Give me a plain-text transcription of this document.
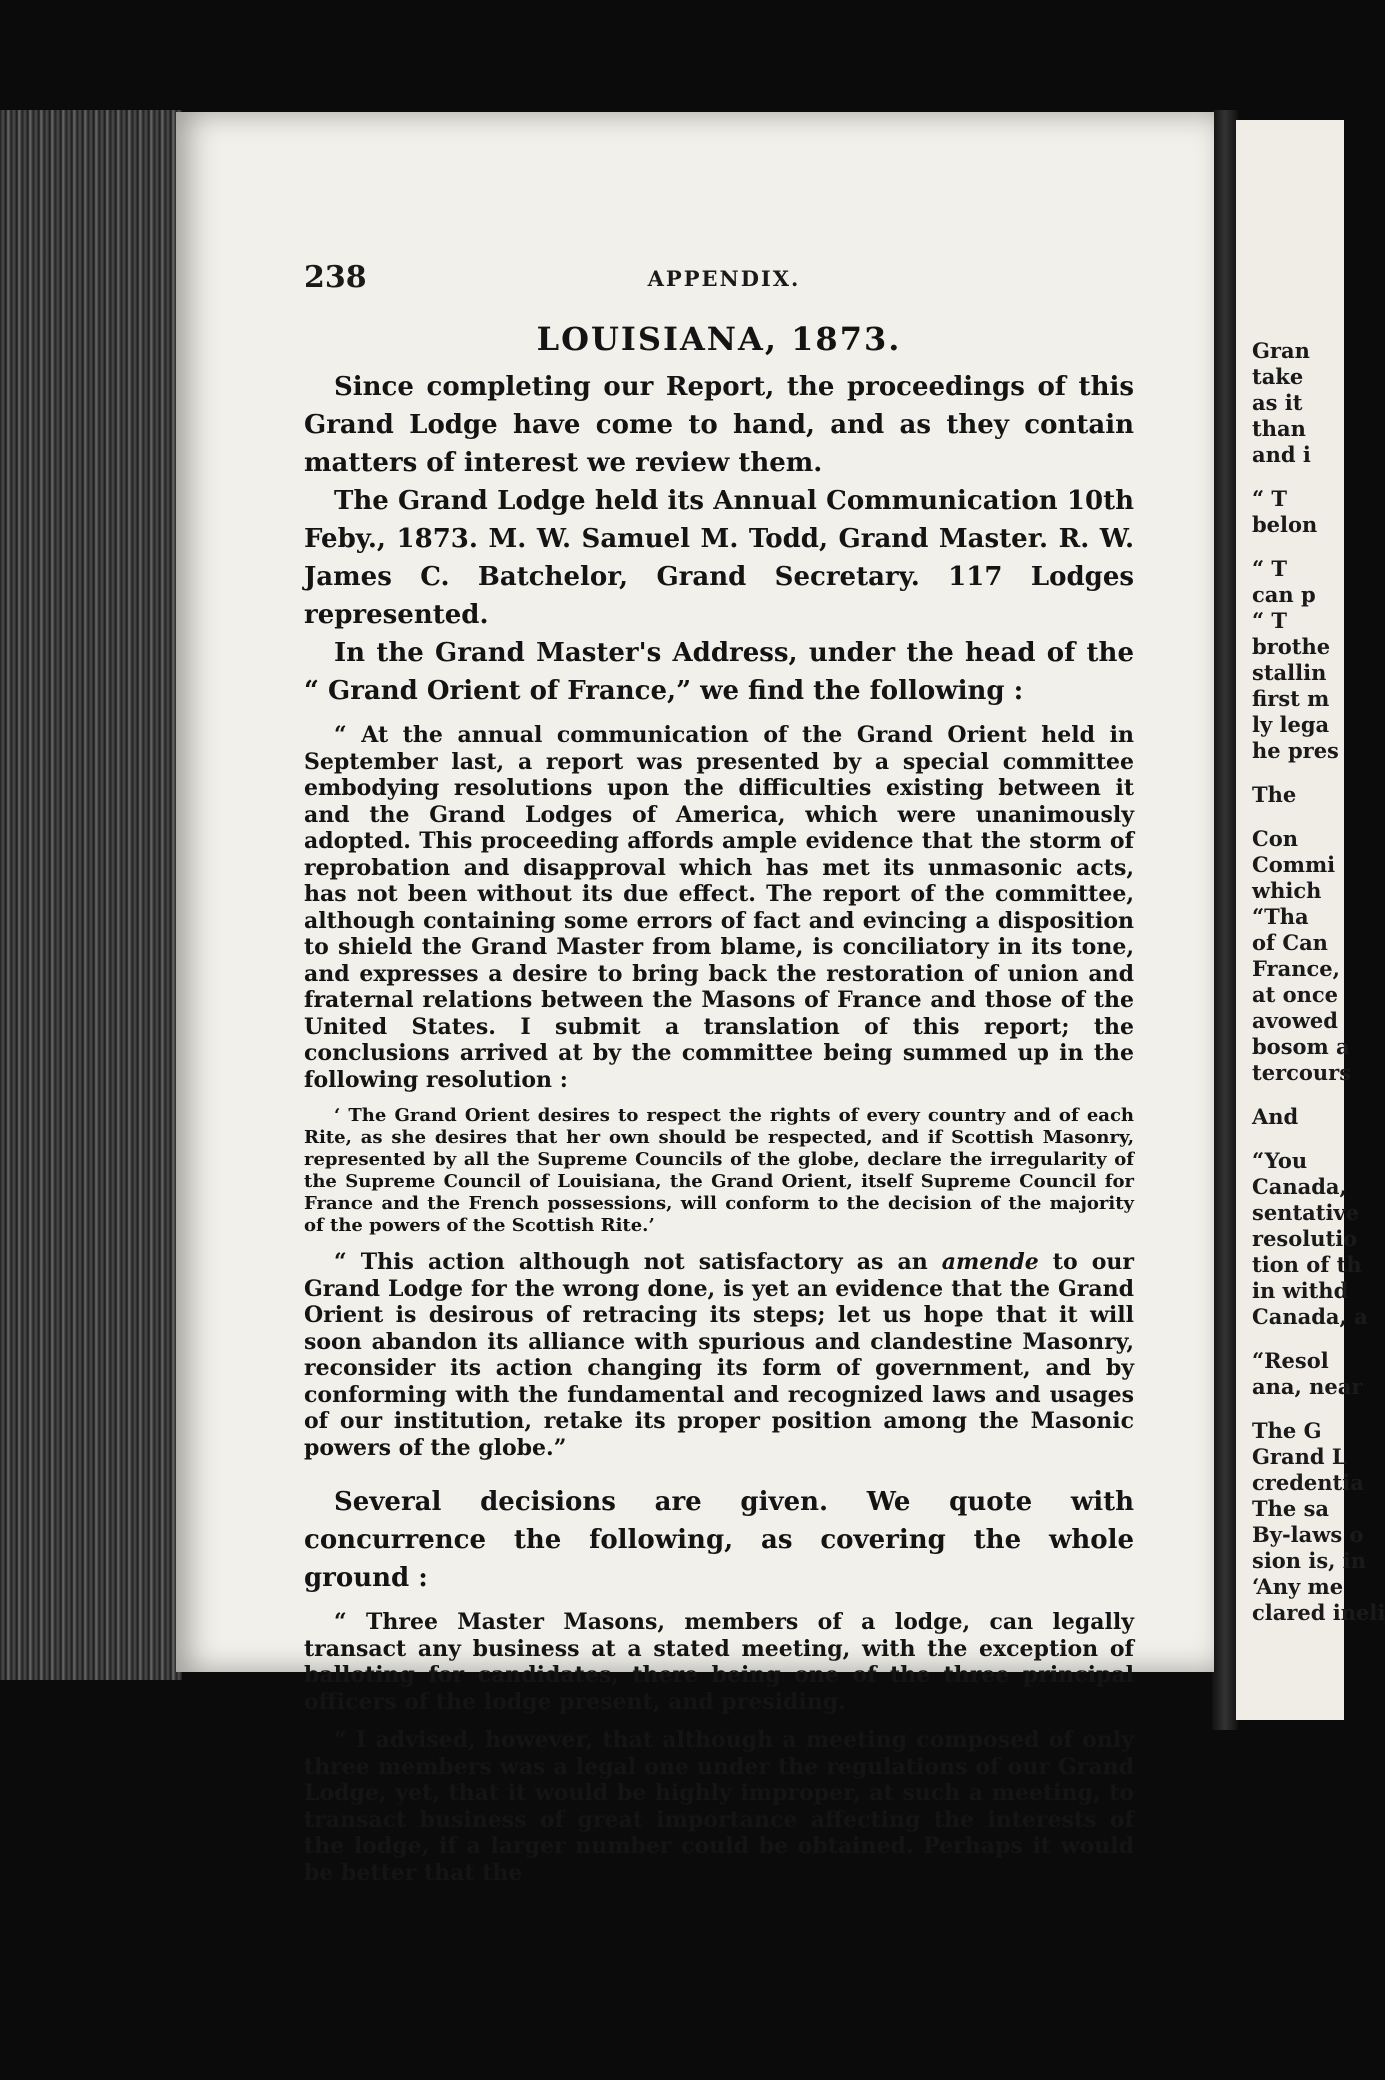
238	APPENDIX.
LOUISIANA, 1873.

Since completing our Report, the proceedings of this Grand Lodge have come to hand, and as they contain matters of interest we review them.

The Grand Lodge held its Annual Communication 10th Feby., 1873. M. W. Samuel M. Todd, Grand Master. R. W. James C. Batchelor, Grand Secretary. 117 Lodges represented.

In the Grand Master's Address, under the head of the “ Grand Orient of France,” we find the following :

“ At the annual communication of the Grand Orient held in September last, a report was presented by a special committee embodying resolutions upon the difficulties existing between it and the Grand Lodges of America, which were unanimously adopted. This proceeding affords ample evidence that the storm of reprobation and disapproval which has met its unmasonic acts, has not been without its due effect. The report of the committee, although containing some errors of fact and evincing a disposition to shield the Grand Master from blame, is conciliatory in its tone, and expresses a desire to bring back the restoration of union and fraternal relations between the Masons of France and those of the United States. I submit a translation of this report; the conclusions arrived at by the committee being summed up in the following resolution :

‘ The Grand Orient desires to respect the rights of every country and of each Rite, as she desires that her own should be respected, and if Scottish Masonry, represented by all the Supreme Councils of the globe, declare the irregularity of the Supreme Council of Louisiana, the Grand Orient, itself Supreme Council for France and the French possessions, will conform to the decision of the majority of the powers of the Scottish Rite.’

“ This action although not satisfactory as an amende to our Grand Lodge for the wrong done, is yet an evidence that the Grand Orient is desirous of retracing its steps; let us hope that it will soon abandon its alliance with spurious and clandestine Masonry, reconsider its action changing its form of government, and by conforming with the fundamental and recognized laws and usages of our institution, retake its proper position among the Masonic powers of the globe.”

Several decisions are given. We quote with concurrence the following, as covering the whole ground :

“ Three Master Masons, members of a lodge, can legally transact any business at a stated meeting, with the exception of balloting for candidates, there being one of the three principal officers of the lodge present, and presiding.

“ I advised, however, that although a meeting composed of only three members was a legal one under the regulations of our Grand Lodge, yet, that it would be highly improper, at such a meeting, to transact business of great importance affecting the interests of the lodge, if a larger number could be obtained. Perhaps it would be better that the

Gran
take
as it
than
and i
“ T
belon
“ T
can p
“ T
brothe
stallin
first m
ly lega
he pres
The
Con
Commi
which
“Tha
of Can
France,
at once
avowed
bosom a
tercours
And
“You
Canada,
sentative
resolutio
tion of th
in withd
Canada, a
“Resol
ana, near
The G
Grand L
credentia
The sa
By-laws o
sion is, in
‘Any me
clared ineli
